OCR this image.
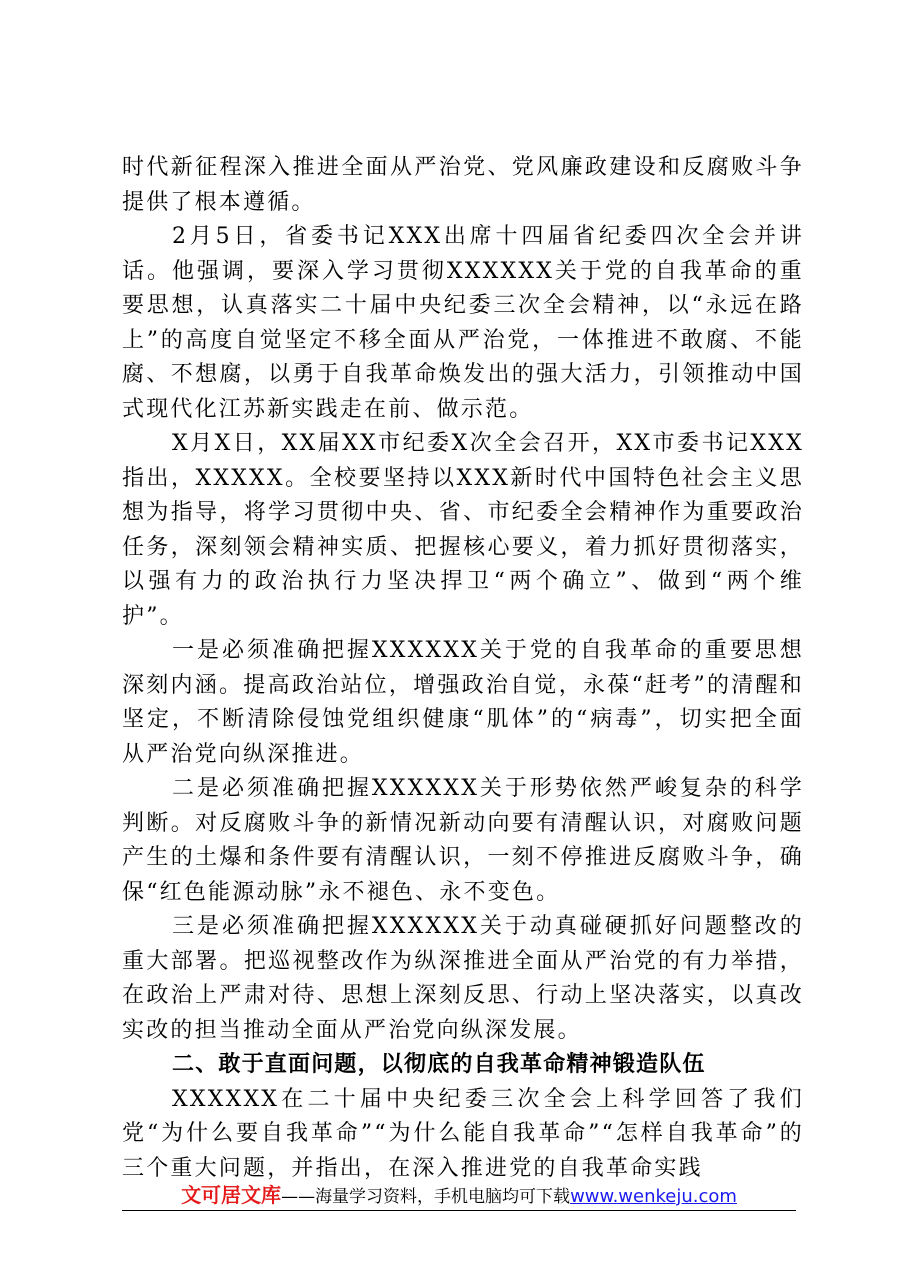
时代新征程深入推进全面从严治党、党风廉政建设和反腐败斗争提供了根本遵循。

2月5日，省委书记XXX出席十四届省纪委四次全会并讲话。他强调，要深入学习贯彻XXXXXX关于党的自我革命的重要思想，认真落实二十届中央纪委三次全会精神，以“永远在路上”的高度自觉坚定不移全面从严治党，一体推进不敢腐、不能腐、不想腐，以勇于自我革命焕发出的强大活力，引领推动中国式现代化江苏新实践走在前、做示范。

X月X日，XX届XX市纪委X次全会召开，XX市委书记XXX指出，XXXXX。全校要坚持以XXX新时代中国特色社会主义思想为指导，将学习贯彻中央、省、市纪委全会精神作为重要政治任务，深刻领会精神实质、把握核心要义，着力抓好贯彻落实，以强有力的政治执行力坚决捍卫“两个确立”、做到“两个维护”。

一是必须准确把握XXXXXX关于党的自我革命的重要思想深刻内涵。提高政治站位，增强政治自觉，永葆“赶考”的清醒和坚定，不断清除侵蚀党组织健康“肌体”的“病毒”，切实把全面从严治党向纵深推进。

二是必须准确把握XXXXXX关于形势依然严峻复杂的科学判断。对反腐败斗争的新情况新动向要有清醒认识，对腐败问题产生的土爆和条件要有清醒认识，一刻不停推进反腐败斗争，确保“红色能源动脉”永不褪色、永不变色。

三是必须准确把握XXXXXX关于动真碰硬抓好问题整改的重大部署。把巡视整改作为纵深推进全面从严治党的有力举措，在政治上严肃对待、思想上深刻反思、行动上坚决落实，以真改实改的担当推动全面从严治党向纵深发展。

二、敢于直面问题，以彻底的自我革命精神锻造队伍

XXXXXX在二十届中央纪委三次全会上科学回答了我们党“为什么要自我革命”“为什么能自我革命”“怎样自我革命”的三个重大问题，并指出，在深入推进党的自我革命实践

文可居文库——海量学习资料，手机电脑均可下载www.wenkeju.com
